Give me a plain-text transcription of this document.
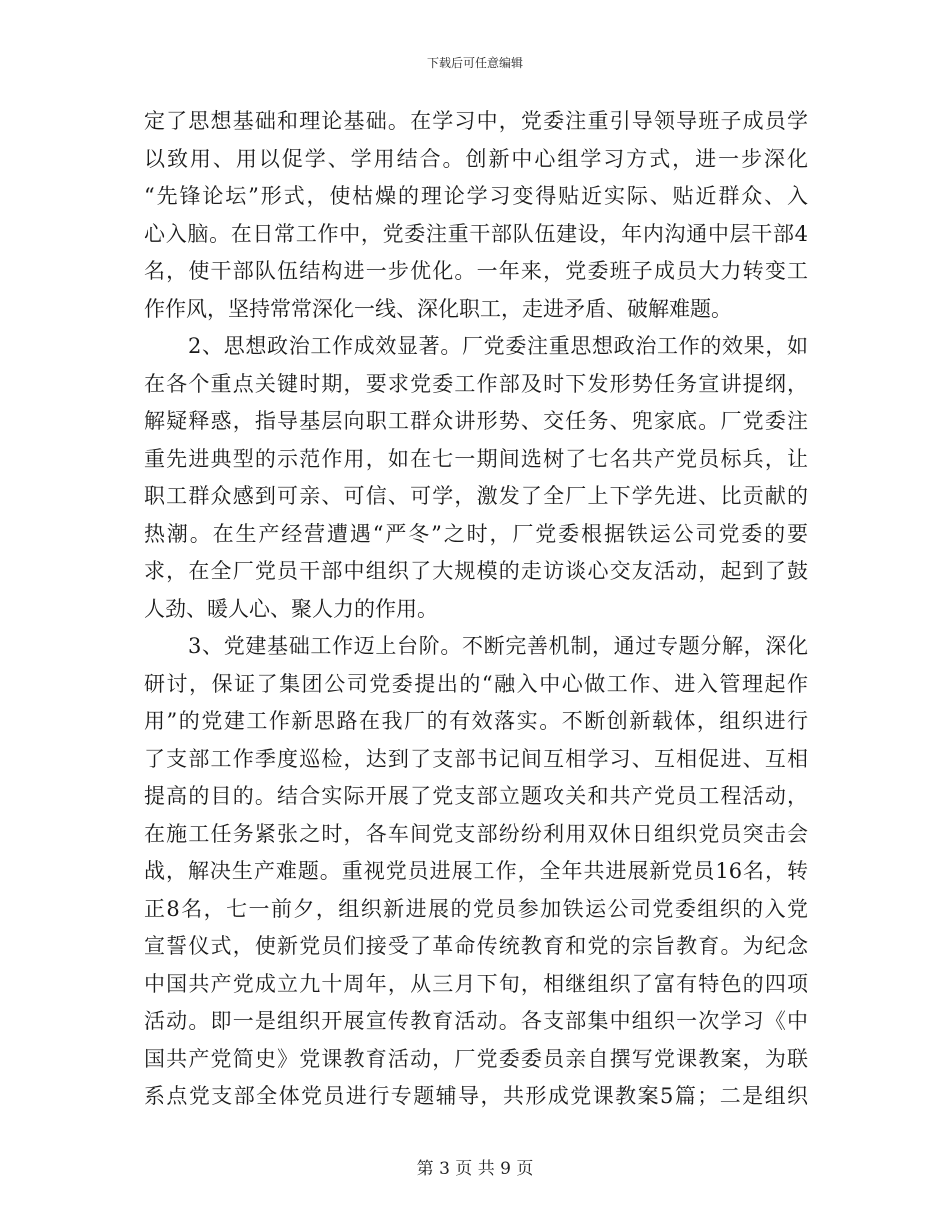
下载后可任意编辑
定了思想基础和理论基础。在学习中，党委注重引导领导班子成员学
以致用、用以促学、学用结合。创新中心组学习方式，进一步深化
“先锋论坛”形式，使枯燥的理论学习变得贴近实际、贴近群众、入
心入脑。在日常工作中，党委注重干部队伍建设，年内沟通中层干部4
名，使干部队伍结构进一步优化。一年来，党委班子成员大力转变工
作作风，坚持常常深化一线、深化职工，走进矛盾、破解难题。
2、思想政治工作成效显著。厂党委注重思想政治工作的效果，如
在各个重点关键时期，要求党委工作部及时下发形势任务宣讲提纲，
解疑释惑，指导基层向职工群众讲形势、交任务、兜家底。厂党委注
重先进典型的示范作用，如在七一期间选树了七名共产党员标兵，让
职工群众感到可亲、可信、可学，激发了全厂上下学先进、比贡献的
热潮。在生产经营遭遇“严冬”之时，厂党委根据铁运公司党委的要
求，在全厂党员干部中组织了大规模的走访谈心交友活动，起到了鼓
人劲、暖人心、聚人力的作用。
3、党建基础工作迈上台阶。不断完善机制，通过专题分解，深化
研讨，保证了集团公司党委提出的“融入中心做工作、进入管理起作
用”的党建工作新思路在我厂的有效落实。不断创新载体，组织进行
了支部工作季度巡检，达到了支部书记间互相学习、互相促进、互相
提高的目的。结合实际开展了党支部立题攻关和共产党员工程活动，
在施工任务紧张之时，各车间党支部纷纷利用双休日组织党员突击会
战，解决生产难题。重视党员进展工作，全年共进展新党员16名，转
正8名，七一前夕，组织新进展的党员参加铁运公司党委组织的入党
宣誓仪式，使新党员们接受了革命传统教育和党的宗旨教育。为纪念
中国共产党成立九十周年，从三月下旬，相继组织了富有特色的四项
活动。即一是组织开展宣传教育活动。各支部集中组织一次学习《中
国共产党简史》党课教育活动，厂党委委员亲自撰写党课教案，为联
系点党支部全体党员进行专题辅导，共形成党课教案5篇；二是组织
第 3 页 共 9 页
